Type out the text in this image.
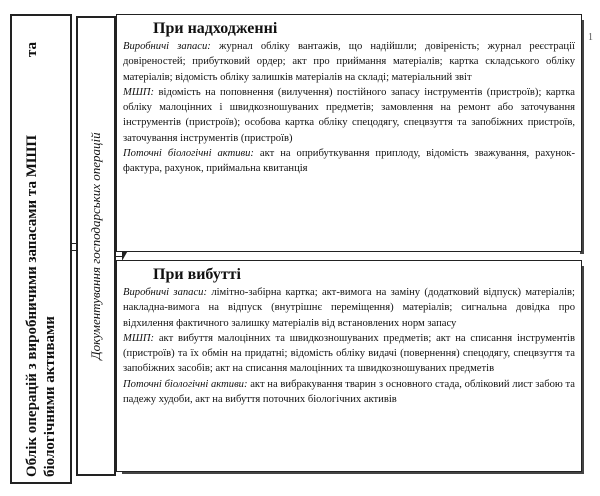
Облік операцій з виробничими запасами та МШПта
біологічними активами
Документування господарських операцій
При надходженні

Виробничі запаси: журнал обліку вантажів, що надійшли; довіреність; журнал реєстрації довіреностей; прибутковий ордер; акт про приймання матеріалів; картка складського обліку матеріалів; відомість обліку залишків матеріалів на складі; матеріальний звіт

МШП: відомість на поповнення (вилучення) постійного запасу інструментів (пристроїв); картка обліку малоцінних і швидкозношуваних предметів; замовлення на ремонт або заточування інструментів (пристроїв); особова картка обліку спецодягу, спецвзуття та запобіжних пристроїв, заточування інструментів (пристроїв)

Поточні біологічні активи: акт на оприбуткування приплоду, відомість зважування, рахунок-фактура, рахунок, приймальна квитанція

При вибутті

Виробничі запаси: лімітно-забірна картка; акт-вимога на заміну (додатковий відпуск) матеріалів; накладна-вимога на відпуск (внутрішнє переміщення) матеріалів; сигнальна довідка про відхилення фактичного залишку матеріалів від встановлених норм запасу

МШП: акт вибуття малоцінних та швидкозношуваних предметів; акт на списання інструментів (пристроїв) та їх обмін на придатні; відомість обліку видачі (повернення) спецодягу, спецвзуття та запобіжних засобів; акт на списання малоцінних та швидкозношуваних предметів

Поточні біологічні активи: акт на вибракування тварин з основного стада, обліковий лист забою та падежу худоби, акт на вибуття поточних біологічних активів

1
